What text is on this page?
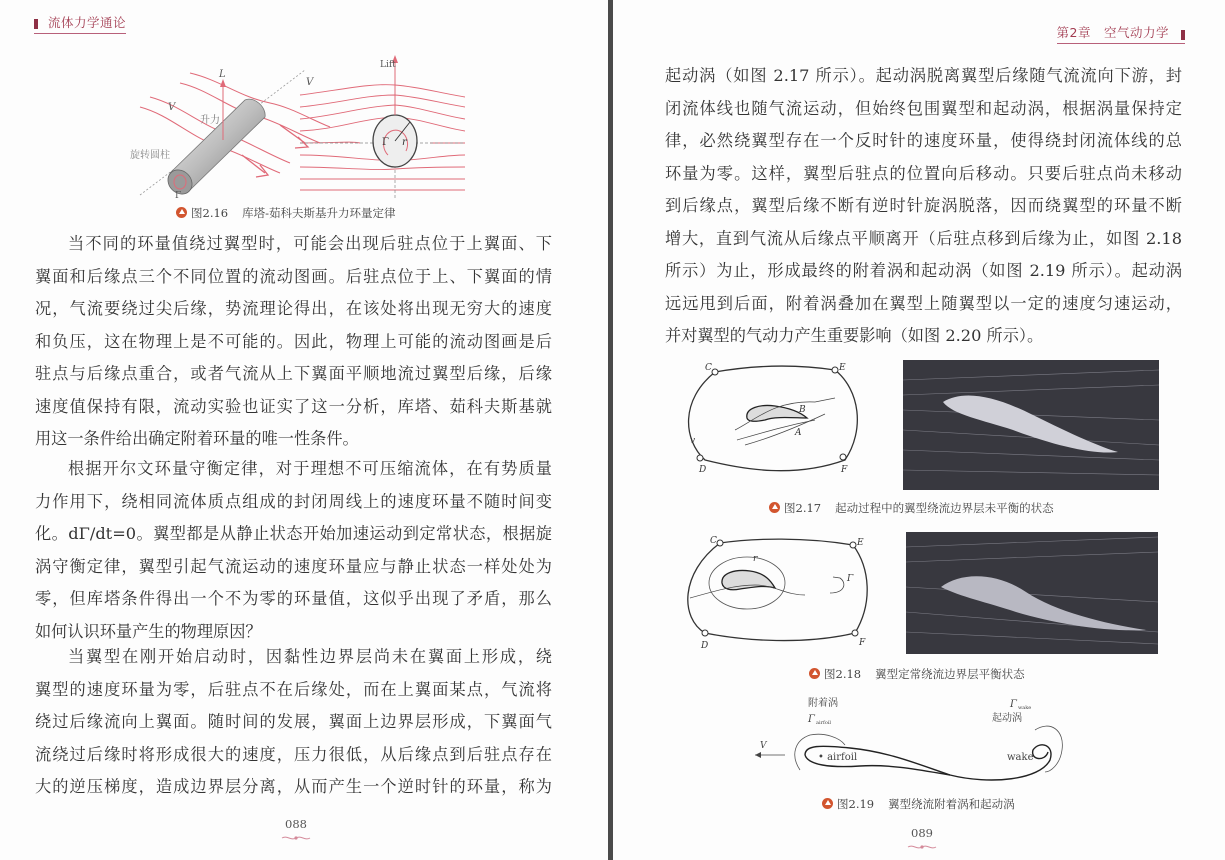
流体力学通论
L
V
升力
旋转圆柱
Γ
Lift
V
Γ r
图2.16 库塔-茹科夫斯基升力环量定律
当不同的环量值绕过翼型时，可能会出现后驻点位于上翼面、下
翼面和后缘点三个不同位置的流动图画。后驻点位于上、下翼面的情
况，气流要绕过尖后缘，势流理论得出，在该处将出现无穷大的速度
和负压，这在物理上是不可能的。因此，物理上可能的流动图画是后
驻点与后缘点重合，或者气流从上下翼面平顺地流过翼型后缘，后缘
速度值保持有限，流动实验也证实了这一分析，库塔、茹科夫斯基就
用这一条件给出确定附着环量的唯一性条件。
根据开尔文环量守衡定律，对于理想不可压缩流体，在有势质量
力作用下，绕相同流体质点组成的封闭周线上的速度环量不随时间变
化。dΓ/dt=0。翼型都是从静止状态开始加速运动到定常状态，根据旋
涡守衡定律，翼型引起气流运动的速度环量应与静止状态一样处处为
零，但库塔条件得出一个不为零的环量值，这似乎出现了矛盾，那么
如何认识环量产生的物理原因？
当翼型在刚开始启动时，因黏性边界层尚未在翼面上形成，绕
翼型的速度环量为零，后驻点不在后缘处，而在上翼面某点，气流将
绕过后缘流向上翼面。随时间的发展，翼面上边界层形成，下翼面气
流绕过后缘时将形成很大的速度，压力很低，从后缘点到后驻点存在
大的逆压梯度，造成边界层分离，从而产生一个逆时针的环量，称为
088
第2章　空气动力学
起动涡（如图 2.17 所示）。起动涡脱离翼型后缘随气流流向下游，封
闭流体线也随气流运动，但始终包围翼型和起动涡，根据涡量保持定
律，必然绕翼型存在一个反时针的速度环量，使得绕封闭流体线的总
环量为零。这样，翼型后驻点的位置向后移动。只要后驻点尚未移动
到后缘点，翼型后缘不断有逆时针旋涡脱落，因而绕翼型的环量不断
增大，直到气流从后缘点平顺离开（后驻点移到后缘为止，如图 2.18
所示）为止，形成最终的附着涡和起动涡（如图 2.19 所示）。起动涡
远远甩到后面，附着涡叠加在翼型上随翼型以一定的速度匀速运动，
并对翼型的气动力产生重要影响（如图 2.20 所示）。
C	E
D	F
A
B
v
图2.17 起动过程中的翼型绕流边界层未平衡的状态
C	E
D	F
r
Γ
图2.18 翼型定常绕流边界层平衡状态
V
附着涡
Γ airfoil
• airfoil
Γ wake
起动涡
wake
图2.19 翼型绕流附着涡和起动涡
089
